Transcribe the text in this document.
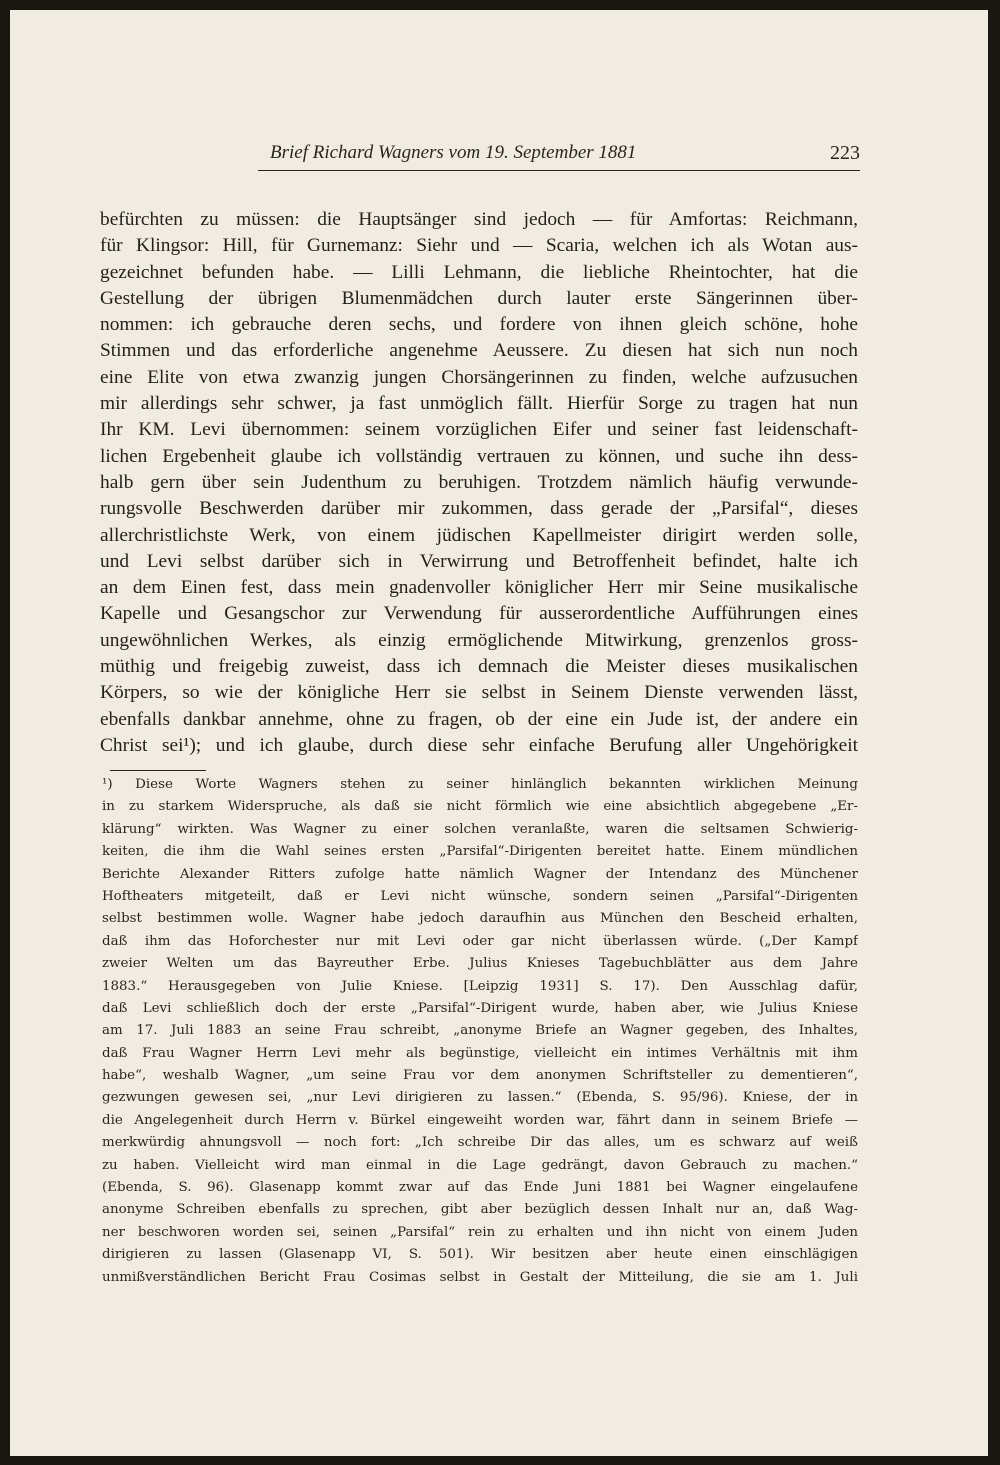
Brief Richard Wagners vom 19. September 1881	223
befürchten zu müssen: die Hauptsänger sind jedoch — für Amfortas: Reichmann,
für Klingsor: Hill, für Gurnemanz: Siehr und — Scaria, welchen ich als Wotan aus-
gezeichnet befunden habe. — Lilli Lehmann, die liebliche Rheintochter, hat die
Gestellung der übrigen Blumenmädchen durch lauter erste Sängerinnen über-
nommen: ich gebrauche deren sechs, und fordere von ihnen gleich schöne, hohe
Stimmen und das erforderliche angenehme Aeussere. Zu diesen hat sich nun noch
eine Elite von etwa zwanzig jungen Chorsängerinnen zu finden, welche aufzusuchen
mir allerdings sehr schwer, ja fast unmöglich fällt. Hierfür Sorge zu tragen hat nun
Ihr KM. Levi übernommen: seinem vorzüglichen Eifer und seiner fast leidenschaft-
lichen Ergebenheit glaube ich vollständig vertrauen zu können, und suche ihn dess-
halb gern über sein Judenthum zu beruhigen. Trotzdem nämlich häufig verwunde-
rungsvolle Beschwerden darüber mir zukommen, dass gerade der „Parsifal“, dieses
allerchristlichste Werk, von einem jüdischen Kapellmeister dirigirt werden solle,
und Levi selbst darüber sich in Verwirrung und Betroffenheit befindet, halte ich
an dem Einen fest, dass mein gnadenvoller königlicher Herr mir Seine musikalische
Kapelle und Gesangschor zur Verwendung für ausserordentliche Aufführungen eines
ungewöhnlichen Werkes, als einzig ermöglichende Mitwirkung, grenzenlos gross-
müthig und freigebig zuweist, dass ich demnach die Meister dieses musikalischen
Körpers, so wie der königliche Herr sie selbst in Seinem Dienste verwenden lässt,
ebenfalls dankbar annehme, ohne zu fragen, ob der eine ein Jude ist, der andere ein
Christ sei¹); und ich glaube, durch diese sehr einfache Berufung aller Ungehörigkeit
¹) Diese Worte Wagners stehen zu seiner hinlänglich bekannten wirklichen Meinung
in zu starkem Widerspruche, als daß sie nicht förmlich wie eine absichtlich abgegebene „Er-
klärung“ wirkten. Was Wagner zu einer solchen veranlaßte, waren die seltsamen Schwierig-
keiten, die ihm die Wahl seines ersten „Parsifal“-Dirigenten bereitet hatte. Einem mündlichen
Berichte Alexander Ritters zufolge hatte nämlich Wagner der Intendanz des Münchener
Hoftheaters mitgeteilt, daß er Levi nicht wünsche, sondern seinen „Parsifal“-Dirigenten
selbst bestimmen wolle. Wagner habe jedoch daraufhin aus München den Bescheid erhalten,
daß ihm das Hoforchester nur mit Levi oder gar nicht überlassen würde. („Der Kampf
zweier Welten um das Bayreuther Erbe. Julius Knieses Tagebuchblätter aus dem Jahre
1883.“ Herausgegeben von Julie Kniese. [Leipzig 1931] S. 17). Den Ausschlag dafür,
daß Levi schließlich doch der erste „Parsifal“-Dirigent wurde, haben aber, wie Julius Kniese
am 17. Juli 1883 an seine Frau schreibt, „anonyme Briefe an Wagner gegeben, des Inhaltes,
daß Frau Wagner Herrn Levi mehr als begünstige, vielleicht ein intimes Verhältnis mit ihm
habe“, weshalb Wagner, „um seine Frau vor dem anonymen Schriftsteller zu dementieren“,
gezwungen gewesen sei, „nur Levi dirigieren zu lassen.“ (Ebenda, S. 95/96). Kniese, der in
die Angelegenheit durch Herrn v. Bürkel eingeweiht worden war, fährt dann in seinem Briefe —
merkwürdig ahnungsvoll — noch fort: „Ich schreibe Dir das alles, um es schwarz auf weiß
zu haben. Vielleicht wird man einmal in die Lage gedrängt, davon Gebrauch zu machen.“
(Ebenda, S. 96). Glasenapp kommt zwar auf das Ende Juni 1881 bei Wagner eingelaufene
anonyme Schreiben ebenfalls zu sprechen, gibt aber bezüglich dessen Inhalt nur an, daß Wag-
ner beschworen worden sei, seinen „Parsifal“ rein zu erhalten und ihn nicht von einem Juden
dirigieren zu lassen (Glasenapp VI, S. 501). Wir besitzen aber heute einen einschlägigen
unmißverständlichen Bericht Frau Cosimas selbst in Gestalt der Mitteilung, die sie am 1. Juli
